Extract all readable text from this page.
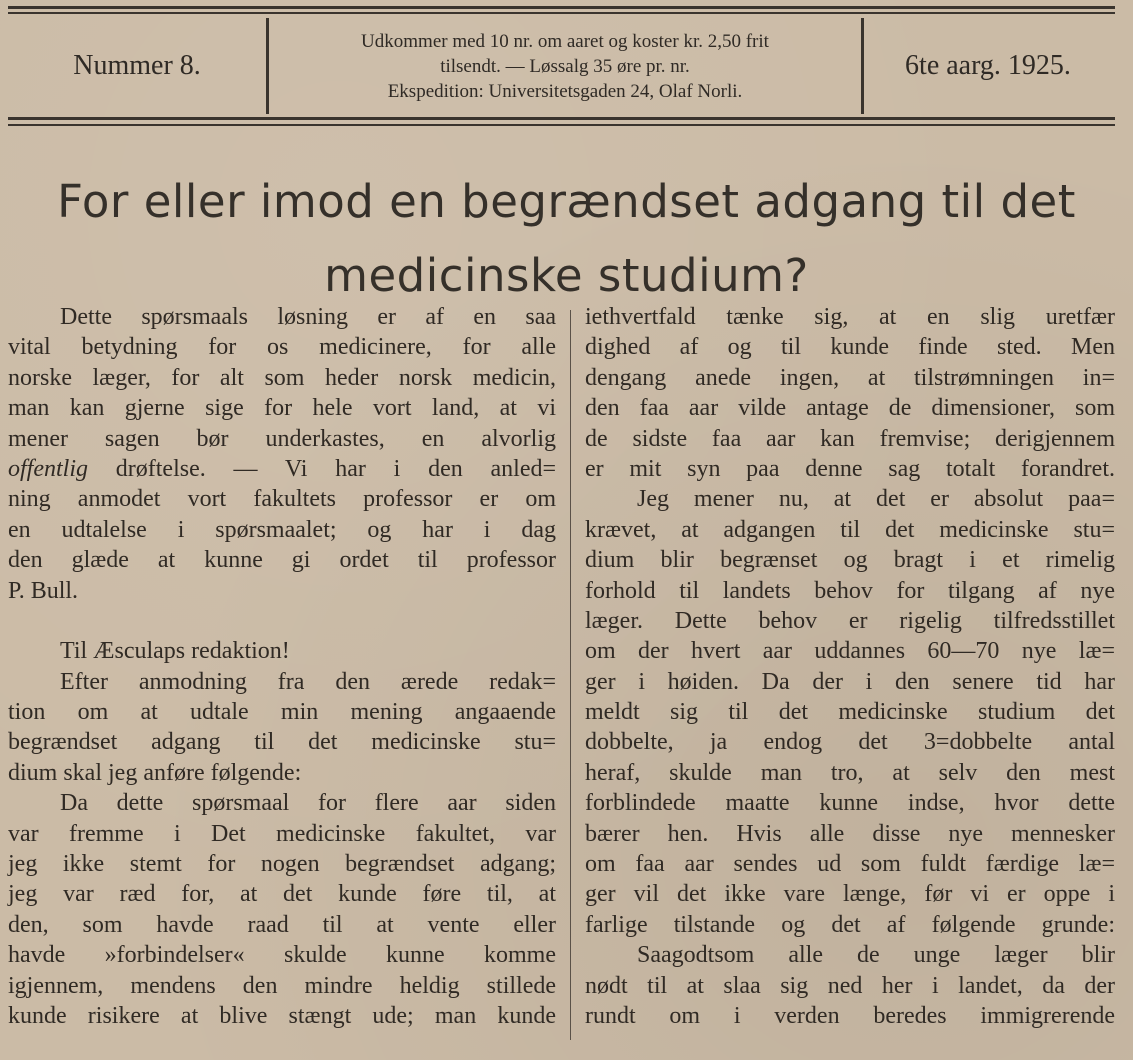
Nummer 8.
Udkommer med 10 nr. om aaret og koster kr. 2,50 frit
tilsendt. — Løssalg 35 øre pr. nr.
Ekspedition: Universitetsgaden 24, Olaf Norli.
6te aarg. 1925.
For eller imod en begrændset adgang til det
medicinske studium?
Dette spørsmaals løsning er af en saa
vital betydning for os medicinere, for alle
norske læger, for alt som heder norsk medicin,
man kan gjerne sige for hele vort land, at vi
mener sagen bør underkastes, en alvorlig
offentlig drøftelse. — Vi har i den anled=
ning anmodet vort fakultets professor er om
en udtalelse i spørsmaalet; og har i dag
den glæde at kunne gi ordet til professor
P. Bull.
Til Æsculaps redaktion!
Efter anmodning fra den ærede redak=
tion om at udtale min mening angaaende
begrændset adgang til det medicinske stu=
dium skal jeg anføre følgende:
Da dette spørsmaal for flere aar siden
var fremme i Det medicinske fakultet, var
jeg ikke stemt for nogen begrændset adgang;
jeg var ræd for, at det kunde føre til, at
den, som havde raad til at vente eller
havde »forbindelser« skulde kunne komme
igjennem, mendens den mindre heldig stillede
kunde risikere at blive stængt ude; man kunde
iethvertfald tænke sig, at en slig uretfær
dighed af og til kunde finde sted. Men
dengang anede ingen, at tilstrømningen in=
den faa aar vilde antage de dimensioner, som
de sidste faa aar kan fremvise; derigjennem
er mit syn paa denne sag totalt forandret.
Jeg mener nu, at det er absolut paa=
krævet, at adgangen til det medicinske stu=
dium blir begrænset og bragt i et rimelig
forhold til landets behov for tilgang af nye
læger. Dette behov er rigelig tilfredsstillet
om der hvert aar uddannes 60—70 nye læ=
ger i høiden. Da der i den senere tid har
meldt sig til det medicinske studium det
dobbelte, ja endog det 3=dobbelte antal
heraf, skulde man tro, at selv den mest
forblindede maatte kunne indse, hvor dette
bærer hen. Hvis alle disse nye mennesker
om faa aar sendes ud som fuldt færdige læ=
ger vil det ikke vare længe, før vi er oppe i
farlige tilstande og det af følgende grunde:
Saagodtsom alle de unge læger blir
nødt til at slaa sig ned her i landet, da der
rundt om i verden beredes immigrerende
